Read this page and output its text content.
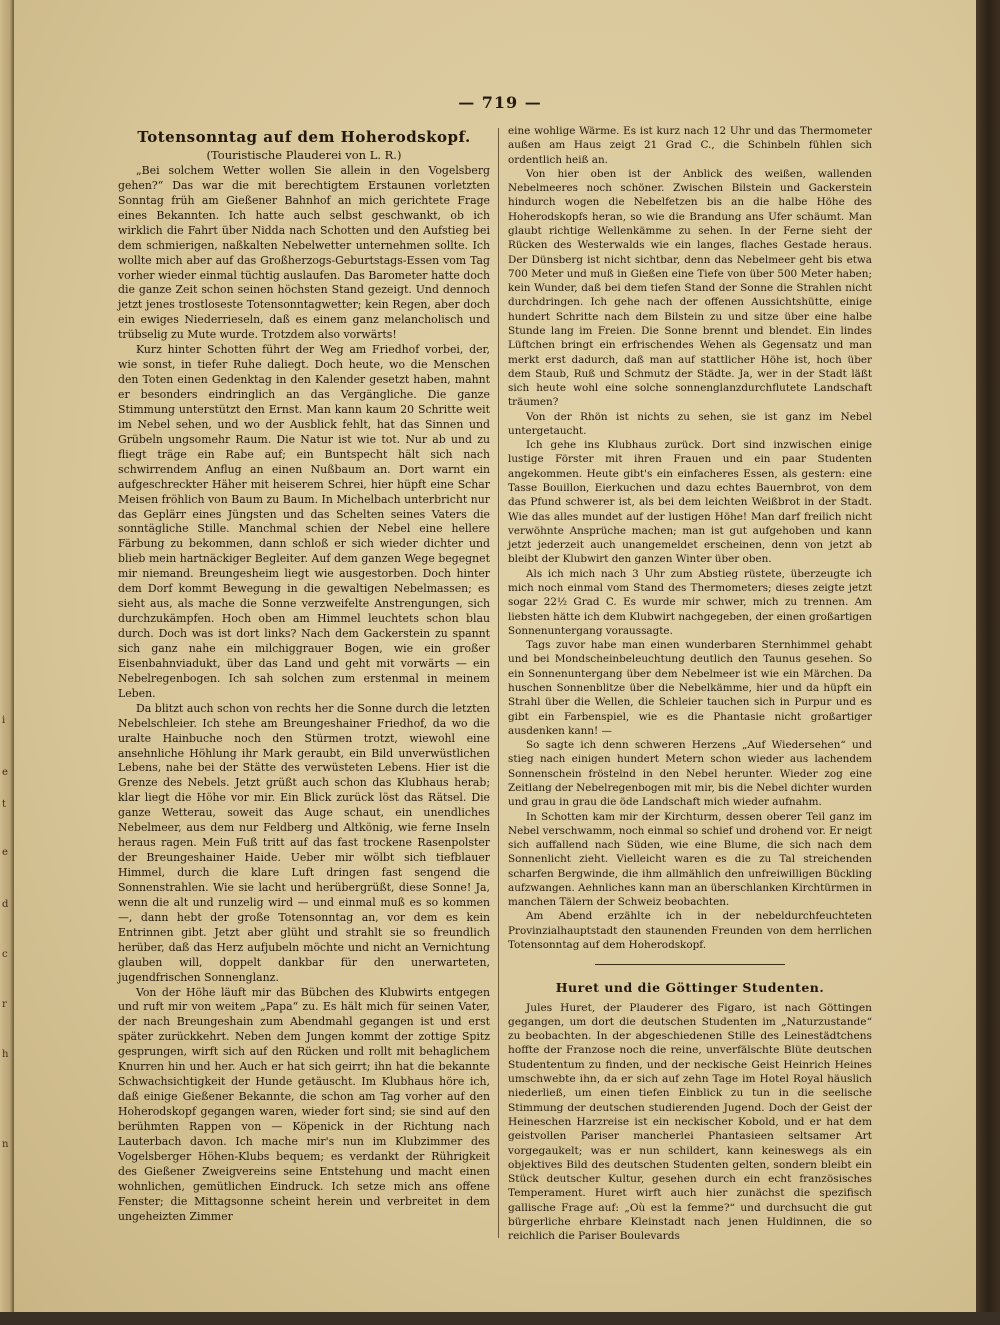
i
e
t
e
d
c
r
h
n
— 719 —
Totensonntag auf dem Hoherodskopf.
(Touristische Plauderei von L. R.)

„Bei solchem Wetter wollen Sie allein in den Vogelsberg gehen?“ Das war die mit berechtigtem Erstaunen vorletzten Sonntag früh am Gießener Bahnhof an mich gerichtete Frage eines Bekannten. Ich hatte auch selbst geschwankt, ob ich wirklich die Fahrt über Nidda nach Schotten und den Aufstieg bei dem schmierigen, naßkalten Nebelwetter unternehmen sollte. Ich wollte mich aber auf das Großherzogs-Geburtstags-Essen vom Tag vorher wieder einmal tüchtig auslaufen. Das Barometer hatte doch die ganze Zeit schon seinen höchsten Stand gezeigt. Und dennoch jetzt jenes trostloseste Totensonntagwetter; kein Regen, aber doch ein ewiges Niederrieseln, daß es einem ganz melancholisch und trübselig zu Mute wurde. Trotzdem also vorwärts!

Kurz hinter Schotten führt der Weg am Friedhof vorbei, der, wie sonst, in tiefer Ruhe daliegt. Doch heute, wo die Menschen den Toten einen Gedenktag in den Kalender gesetzt haben, mahnt er besonders eindringlich an das Vergängliche. Die ganze Stimmung unterstützt den Ernst. Man kann kaum 20 Schritte weit im Nebel sehen, und wo der Ausblick fehlt, hat das Sinnen und Grübeln ungsomehr Raum. Die Natur ist wie tot. Nur ab und zu fliegt träge ein Rabe auf; ein Buntspecht hält sich nach schwirrendem Anflug an einen Nußbaum an. Dort warnt ein aufgeschreckter Häher mit heiserem Schrei, hier hüpft eine Schar Meisen fröhlich von Baum zu Baum. In Michelbach unterbricht nur das Geplärr eines Jüngsten und das Schelten seines Vaters die sonntägliche Stille. Manchmal schien der Nebel eine hellere Färbung zu bekommen, dann schloß er sich wieder dichter und blieb mein hartnäckiger Begleiter. Auf dem ganzen Wege begegnet mir niemand. Breungesheim liegt wie ausgestorben. Doch hinter dem Dorf kommt Bewegung in die gewaltigen Nebelmassen; es sieht aus, als mache die Sonne verzweifelte Anstrengungen, sich durchzukämpfen. Hoch oben am Himmel leuchtets schon blau durch. Doch was ist dort links? Nach dem Gackerstein zu spannt sich ganz nahe ein milchiggrauer Bogen, wie ein großer Eisenbahnviadukt, über das Land und geht mit vorwärts — ein Nebelregenbogen. Ich sah solchen zum erstenmal in meinem Leben.

Da blitzt auch schon von rechts her die Sonne durch die letzten Nebelschleier. Ich stehe am Breungeshainer Friedhof, da wo die uralte Hainbuche noch den Stürmen trotzt, wiewohl eine ansehnliche Höhlung ihr Mark geraubt, ein Bild unverwüstlichen Lebens, nahe bei der Stätte des verwüsteten Lebens. Hier ist die Grenze des Nebels. Jetzt grüßt auch schon das Klubhaus herab; klar liegt die Höhe vor mir. Ein Blick zurück löst das Rätsel. Die ganze Wetterau, soweit das Auge schaut, ein unendliches Nebelmeer, aus dem nur Feldberg und Altkönig, wie ferne Inseln heraus ragen. Mein Fuß tritt auf das fast trockene Rasenpolster der Breungeshainer Haide. Ueber mir wölbt sich tiefblauer Himmel, durch die klare Luft dringen fast sengend die Sonnenstrahlen. Wie sie lacht und herübergrüßt, diese Sonne! Ja, wenn die alt und runzelig wird — und einmal muß es so kommen —, dann hebt der große Totensonntag an, vor dem es kein Entrinnen gibt. Jetzt aber glüht und strahlt sie so freundlich herüber, daß das Herz aufjubeln möchte und nicht an Vernichtung glauben will, doppelt dankbar für den unerwarteten, jugendfrischen Sonnenglanz.

Von der Höhe läuft mir das Bübchen des Klubwirts entgegen und ruft mir von weitem „Papa“ zu. Es hält mich für seinen Vater, der nach Breungeshain zum Abendmahl gegangen ist und erst später zurückkehrt. Neben dem Jungen kommt der zottige Spitz gesprungen, wirft sich auf den Rücken und rollt mit behaglichem Knurren hin und her. Auch er hat sich geirrt; ihn hat die bekannte Schwachsichtigkeit der Hunde getäuscht. Im Klubhaus höre ich, daß einige Gießener Bekannte, die schon am Tag vorher auf den Hoherodskopf gegangen waren, wieder fort sind; sie sind auf den berühmten Rappen von — Köpenick in der Richtung nach Lauterbach davon. Ich mache mir's nun im Klubzimmer des Vogelsberger Höhen-Klubs bequem; es verdankt der Rührigkeit des Gießener Zweigvereins seine Entstehung und macht einen wohnlichen, gemütlichen Eindruck. Ich setze mich ans offene Fenster; die Mittagsonne scheint herein und verbreitet in dem ungeheizten Zimmer

eine wohlige Wärme. Es ist kurz nach 12 Uhr und das Thermometer außen am Haus zeigt 21 Grad C., die Schinbeln fühlen sich ordentlich heiß an.

Von hier oben ist der Anblick des weißen, wallenden Nebelmeeres noch schöner. Zwischen Bilstein und Gackerstein hindurch wogen die Nebelfetzen bis an die halbe Höhe des Hoherodskopfs heran, so wie die Brandung ans Ufer schäumt. Man glaubt richtige Wellenkämme zu sehen. In der Ferne sieht der Rücken des Westerwalds wie ein langes, flaches Gestade heraus. Der Dünsberg ist nicht sichtbar, denn das Nebelmeer geht bis etwa 700 Meter und muß in Gießen eine Tiefe von über 500 Meter haben; kein Wunder, daß bei dem tiefen Stand der Sonne die Strahlen nicht durchdringen. Ich gehe nach der offenen Aussichtshütte, einige hundert Schritte nach dem Bilstein zu und sitze über eine halbe Stunde lang im Freien. Die Sonne brennt und blendet. Ein lindes Lüftchen bringt ein erfrischendes Wehen als Gegensatz und man merkt erst dadurch, daß man auf stattlicher Höhe ist, hoch über dem Staub, Ruß und Schmutz der Städte. Ja, wer in der Stadt läßt sich heute wohl eine solche sonnenglanzdurchflutete Landschaft träumen?

Von der Rhön ist nichts zu sehen, sie ist ganz im Nebel untergetaucht.

Ich gehe ins Klubhaus zurück. Dort sind inzwischen einige lustige Förster mit ihren Frauen und ein paar Studenten angekommen. Heute gibt's ein einfacheres Essen, als gestern: eine Tasse Bouillon, Eierkuchen und dazu echtes Bauernbrot, von dem das Pfund schwerer ist, als bei dem leichten Weißbrot in der Stadt. Wie das alles mundet auf der lustigen Höhe! Man darf freilich nicht verwöhnte Ansprüche machen; man ist gut aufgehoben und kann jetzt jederzeit auch unangemeldet erscheinen, denn von jetzt ab bleibt der Klubwirt den ganzen Winter über oben.

Als ich mich nach 3 Uhr zum Abstieg rüstete, überzeugte ich mich noch einmal vom Stand des Thermometers; dieses zeigte jetzt sogar 22½ Grad C. Es wurde mir schwer, mich zu trennen. Am liebsten hätte ich dem Klubwirt nachgegeben, der einen großartigen Sonnenuntergang voraussagte.

Tags zuvor habe man einen wunderbaren Sternhimmel gehabt und bei Mondscheinbeleuchtung deutlich den Taunus gesehen. So ein Sonnenuntergang über dem Nebelmeer ist wie ein Märchen. Da huschen Sonnenblitze über die Nebelkämme, hier und da hüpft ein Strahl über die Wellen, die Schleier tauchen sich in Purpur und es gibt ein Farbenspiel, wie es die Phantasie nicht großartiger ausdenken kann! —

So sagte ich denn schweren Herzens „Auf Wiedersehen“ und stieg nach einigen hundert Metern schon wieder aus lachendem Sonnenschein fröstelnd in den Nebel herunter. Wieder zog eine Zeitlang der Nebelregenbogen mit mir, bis die Nebel dichter wurden und grau in grau die öde Landschaft mich wieder aufnahm.

In Schotten kam mir der Kirchturm, dessen oberer Teil ganz im Nebel verschwamm, noch einmal so schief und drohend vor. Er neigt sich auffallend nach Süden, wie eine Blume, die sich nach dem Sonnenlicht zieht. Vielleicht waren es die zu Tal streichenden scharfen Bergwinde, die ihm allmählich den unfreiwilligen Bückling aufzwangen. Aehnliches kann man an überschlanken Kirchtürmen in manchen Tälern der Schweiz beobachten.

Am Abend erzählte ich in der nebeldurchfeuchteten Provinzialhauptstadt den staunenden Freunden von dem herrlichen Totensonntag auf dem Hoherodskopf.

Huret und die Göttinger Studenten.

Jules Huret, der Plauderer des Figaro, ist nach Göttingen gegangen, um dort die deutschen Studenten im „Naturzustande“ zu beobachten. In der abgeschiedenen Stille des Leinestädtchens hoffte der Franzose noch die reine, unverfälschte Blüte deutschen Studententum zu finden, und der neckische Geist Heinrich Heines umschwebte ihn, da er sich auf zehn Tage im Hotel Royal häuslich niederließ, um einen tiefen Einblick zu tun in die seelische Stimmung der deutschen studierenden Jugend. Doch der Geist der Heineschen Harzreise ist ein neckischer Kobold, und er hat dem geistvollen Pariser mancherlei Phantasieen seltsamer Art vorgegaukelt; was er nun schildert, kann keineswegs als ein objektives Bild des deutschen Studenten gelten, sondern bleibt ein Stück deutscher Kultur, gesehen durch ein echt französisches Temperament. Huret wirft auch hier zunächst die spezifisch gallische Frage auf: „Où est la femme?“ und durchsucht die gut bürgerliche ehrbare Kleinstadt nach jenen Huldinnen, die so reichlich die Pariser Boulevards
